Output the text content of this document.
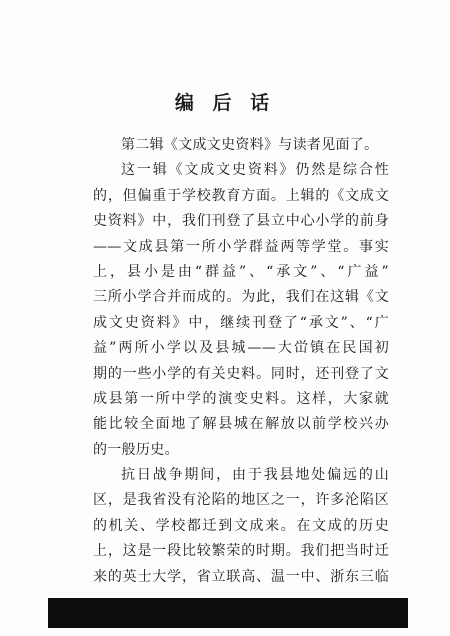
编 后 话
第二辑《文成文史资料》与读者见面了。
这一辑《文成文史资料》仍然是综合性
的，但偏重于学校教育方面。上辑的《文成文
史资料》中，我们刊登了县立中心小学的前身
——文成县第一所小学群益两等学堂。事实
上，县小是由“群益”、“承文”、“广益”
三所小学合并而成的。为此，我们在这辑《文
成文史资料》中，继续刊登了“承文”、“广
益”两所小学以及县城——大峃镇在民国初
期的一些小学的有关史料。同时，还刊登了文
成县第一所中学的演变史料。这样，大家就
能比较全面地了解县城在解放以前学校兴办
的一般历史。
抗日战争期间，由于我县地处偏远的山
区，是我省没有沦陷的地区之一，许多沦陷区
的机关、学校都迁到文成来。在文成的历史
上，这是一段比较繁荣的时期。我们把当时迁
来的英士大学，省立联高、温一中、浙东三临
